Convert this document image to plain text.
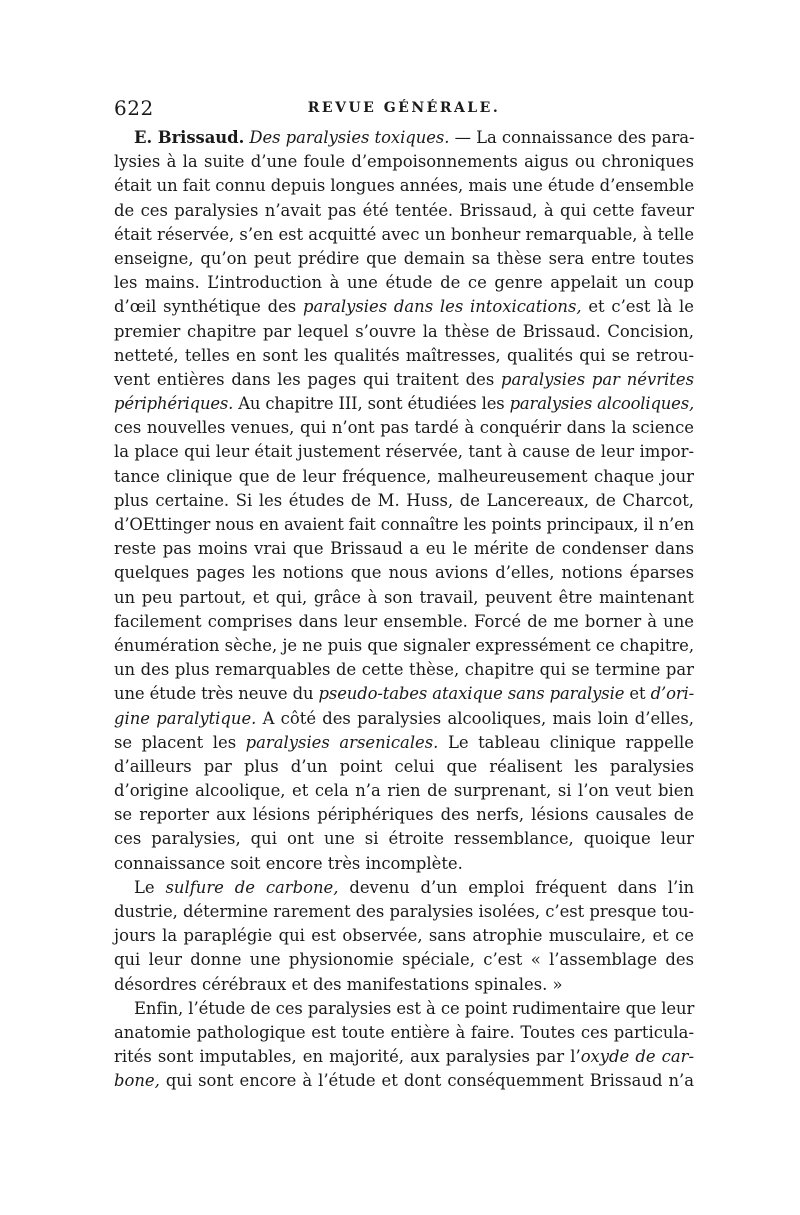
622	REVUE GÉNÉRALE.
E. Brissaud. Des paralysies toxiques. — La connaissance des para-
lysies à la suite d’une foule d’empoisonnements aigus ou chroniques
était un fait connu depuis longues années, mais une étude d’ensemble
de ces paralysies n’avait pas été tentée. Brissaud, à qui cette faveur
était réservée, s’en est acquitté avec un bonheur remarquable, à telle
enseigne, qu’on peut prédire que demain sa thèse sera entre toutes
les mains. L’introduction à une étude de ce genre appelait un coup
d’œil synthétique des paralysies dans les intoxications, et c’est là le
premier chapitre par lequel s’ouvre la thèse de Brissaud. Concision,
netteté, telles en sont les qualités maîtresses, qualités qui se retrou-
vent entières dans les pages qui traitent des paralysies par névrites
périphériques. Au chapitre III, sont étudiées les paralysies alcooliques,
ces nouvelles venues, qui n’ont pas tardé à conquérir dans la science
la place qui leur était justement réservée, tant à cause de leur impor-
tance clinique que de leur fréquence, malheureusement chaque jour
plus certaine. Si les études de M. Huss, de Lancereaux, de Charcot,
d’OEttinger nous en avaient fait connaître les points principaux, il n’en
reste pas moins vrai que Brissaud a eu le mérite de condenser dans
quelques pages les notions que nous avions d’elles, notions éparses
un peu partout, et qui, grâce à son travail, peuvent être maintenant
facilement comprises dans leur ensemble. Forcé de me borner à une
énumération sèche, je ne puis que signaler expressément ce chapitre,
un des plus remarquables de cette thèse, chapitre qui se termine par
une étude très neuve du pseudo-tabes ataxique sans paralysie et d’ori-
gine paralytique. A côté des paralysies alcooliques, mais loin d’elles,
se placent les paralysies arsenicales. Le tableau clinique rappelle
d’ailleurs par plus d’un point celui que réalisent les paralysies
d’origine alcoolique, et cela n’a rien de surprenant, si l’on veut bien
se reporter aux lésions périphériques des nerfs, lésions causales de
ces paralysies, qui ont une si étroite ressemblance, quoique leur
connaissance soit encore très incomplète.
Le sulfure de carbone, devenu d’un emploi fréquent dans l’in
dustrie, détermine rarement des paralysies isolées, c’est presque tou-
jours la paraplégie qui est observée, sans atrophie musculaire, et ce
qui leur donne une physionomie spéciale, c’est « l’assemblage des
désordres cérébraux et des manifestations spinales. »
Enfin, l’étude de ces paralysies est à ce point rudimentaire que leur
anatomie pathologique est toute entière à faire. Toutes ces particula-
rités sont imputables, en majorité, aux paralysies par l’oxyde de car-
bone, qui sont encore à l’étude et dont conséquemment Brissaud n’a
